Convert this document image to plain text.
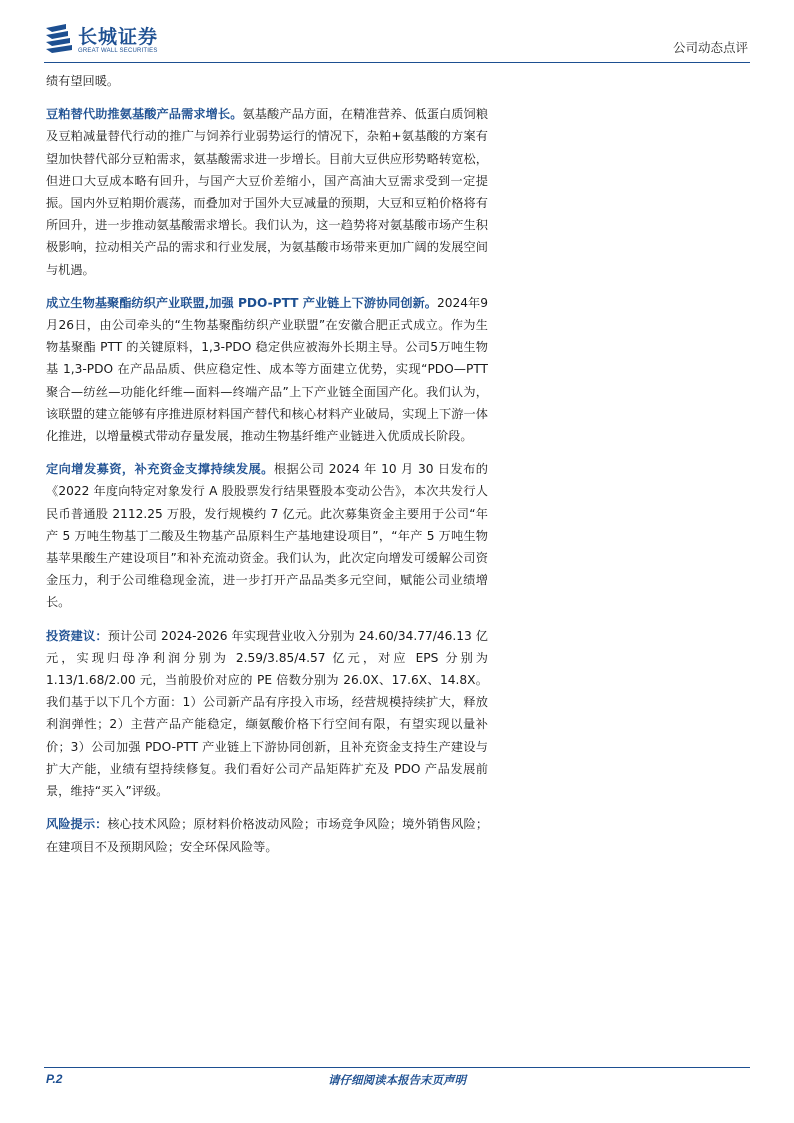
长城证券
GREAT WALL SECURITIES	公司动态点评

绩有望回暖。

豆粕替代助推氨基酸产品需求增长。氨基酸产品方面，在精准营养、低蛋白质饲粮及豆粕减量替代行动的推广与饲养行业弱势运行的情况下，杂粕+氨基酸的方案有望加快替代部分豆粕需求，氨基酸需求进一步增长。目前大豆供应形势略转宽松，但进口大豆成本略有回升，与国产大豆价差缩小，国产高油大豆需求受到一定提振。国内外豆粕期价震荡，而叠加对于国外大豆减量的预期，大豆和豆粕价格将有所回升，进一步推动氨基酸需求增长。我们认为，这一趋势将对氨基酸市场产生积极影响，拉动相关产品的需求和行业发展，为氨基酸市场带来更加广阔的发展空间与机遇。

成立生物基聚酯纺织产业联盟,加强 PDO-PTT 产业链上下游协同创新。2024年9月26日，由公司牵头的“生物基聚酯纺织产业联盟”在安徽合肥正式成立。作为生物基聚酯 PTT 的关键原料，1,3-PDO 稳定供应被海外长期主导。公司5万吨生物基 1,3-PDO 在产品品质、供应稳定性、成本等方面建立优势，实现“PDO—PTT 聚合—纺丝—功能化纤维—面料—终端产品”上下产业链全面国产化。我们认为，该联盟的建立能够有序推进原材料国产替代和核心材料产业破局，实现上下游一体化推进，以增量模式带动存量发展，推动生物基纤维产业链进入优质成长阶段。

定向增发募资，补充资金支撑持续发展。根据公司 2024 年 10 月 30 日发布的《2022 年度向特定对象发行 A 股股票发行结果暨股本变动公告》，本次共发行人民币普通股 2112.25 万股，发行规模约 7 亿元。此次募集资金主要用于公司“年产 5 万吨生物基丁二酸及生物基产品原料生产基地建设项目”，“年产 5 万吨生物基苹果酸生产建设项目”和补充流动资金。我们认为，此次定向增发可缓解公司资金压力，利于公司维稳现金流，进一步打开产品品类多元空间，赋能公司业绩增长。

投资建议：预计公司 2024-2026 年实现营业收入分别为 24.60/34.77/46.13 亿元，实现归母净利润分别为 2.59/3.85/4.57 亿元，对应 EPS 分别为 1.13/1.68/2.00 元，当前股价对应的 PE 倍数分别为 26.0X、17.6X、14.8X。我们基于以下几个方面：1）公司新产品有序投入市场，经营规模持续扩大，释放利润弹性；2）主营产品产能稳定，缬氨酸价格下行空间有限，有望实现以量补价；3）公司加强 PDO-PTT 产业链上下游协同创新，且补充资金支持生产建设与扩大产能，业绩有望持续修复。我们看好公司产品矩阵扩充及 PDO 产品发展前景，维持“买入”评级。

风险提示：核心技术风险；原材料价格波动风险；市场竞争风险；境外销售风险；在建项目不及预期风险；安全环保风险等。

P.2	请仔细阅读本报告末页声明
